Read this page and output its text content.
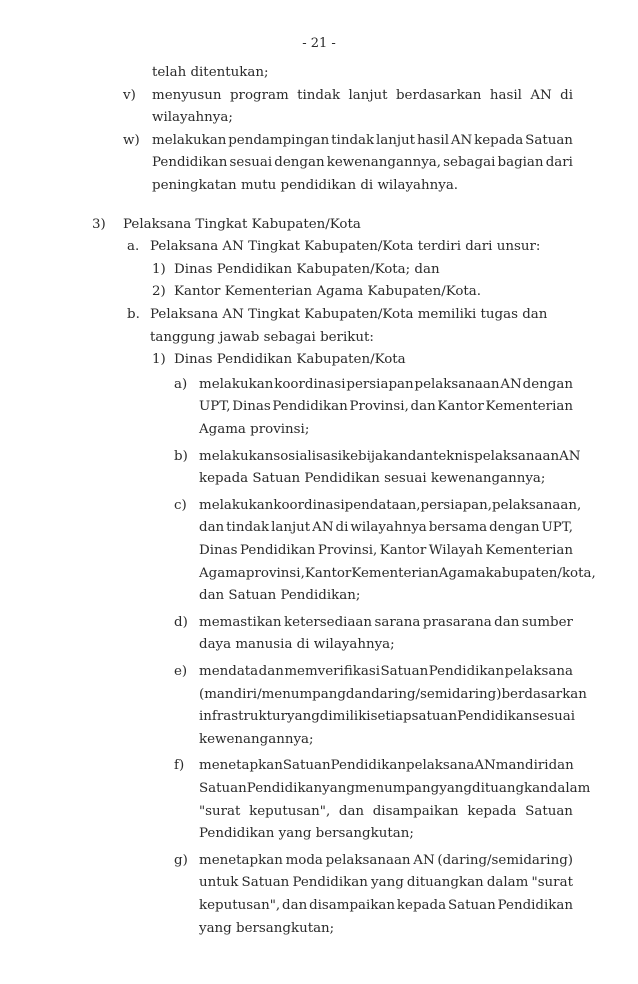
- 21 -
telah ditentukan;
v) menyusun program tindak lanjut berdasarkan hasil AN di
wilayahnya;
w) melakukan pendampingan tindak lanjut hasil AN kepada Satuan
Pendidikan sesuai dengan kewenangannya, sebagai bagian dari
peningkatan mutu pendidikan di wilayahnya.
3) Pelaksana Tingkat Kabupaten/Kota
a. Pelaksana AN Tingkat Kabupaten/Kota terdiri dari unsur:
1) Dinas Pendidikan Kabupaten/Kota; dan
2) Kantor Kementerian Agama Kabupaten/Kota.
b. Pelaksana AN Tingkat Kabupaten/Kota memiliki tugas dan
tanggung jawab sebagai berikut:
1) Dinas Pendidikan Kabupaten/Kota
a) melakukan koordinasi persiapan pelaksanaan AN dengan
UPT, Dinas Pendidikan Provinsi, dan Kantor Kementerian
Agama provinsi;
b) melakukan sosialisasi kebijakan dan teknis pelaksanaan AN
kepada Satuan Pendidikan sesuai kewenangannya;
c) melakukan koordinasi pendataan, persiapan, pelaksanaan,
dan tindak lanjut AN di wilayahnya bersama dengan UPT,
Dinas Pendidikan Provinsi, Kantor Wilayah Kementerian
Agama provinsi, Kantor Kementerian Agama kabupaten/kota,
dan Satuan Pendidikan;
d) memastikan ketersediaan sarana prasarana dan sumber
daya manusia di wilayahnya;
e) mendata dan memverifikasi Satuan Pendidikan pelaksana
(mandiri/menumpang dan daring/semidaring) berdasarkan
infrastruktur yang dimiliki setiap satuan Pendidikan sesuai
kewenangannya;
f) menetapkan Satuan Pendidikan pelaksana AN mandiri dan
Satuan Pendidikan yang menumpang yang dituangkan dalam
"surat keputusan", dan disampaikan kepada Satuan
Pendidikan yang bersangkutan;
g) menetapkan moda pelaksanaan AN (daring/semidaring)
untuk Satuan Pendidikan yang dituangkan dalam "surat
keputusan", dan disampaikan kepada Satuan Pendidikan
yang bersangkutan;
